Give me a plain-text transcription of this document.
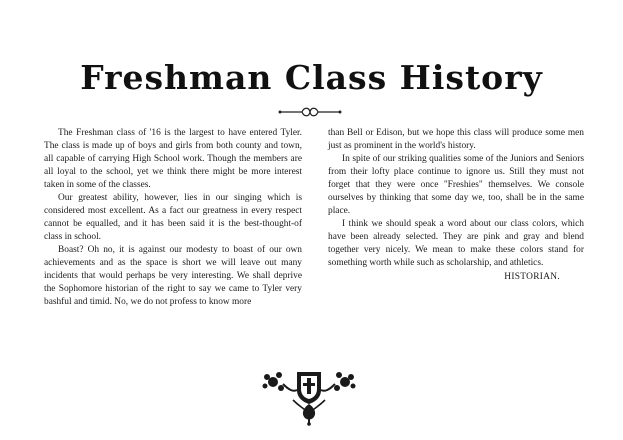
Freshman Class History

The Freshman class of '16 is the largest to have entered Tyler. The class is made up of boys and girls from both county and town, all capable of carrying High School work. Though the members are all loyal to the school, yet we think there might be more interest taken in some of the classes.

Our greatest ability, however, lies in our singing which is considered most excellent. As a fact our greatness in every respect cannot be equalled, and it has been said it is the best-thought-of class in school.

Boast? Oh no, it is against our modesty to boast of our own achievements and as the space is short we will leave out many incidents that would perhaps be very interesting. We shall deprive the Sophomore historian of the right to say we came to Tyler very bashful and timid. No, we do not profess to know more

than Bell or Edison, but we hope this class will produce some men just as prominent in the world's history.

In spite of our striking qualities some of the Juniors and Seniors from their lofty place continue to ignore us. Still they must not forget that they were once "Freshies" themselves. We console ourselves by thinking that some day we, too, shall be in the same place.

I think we should speak a word about our class colors, which have been already selected. They are pink and gray and blend together very nicely. We mean to make these colors stand for something worth while such as scholarship, and athletics.

HISTORIAN.
